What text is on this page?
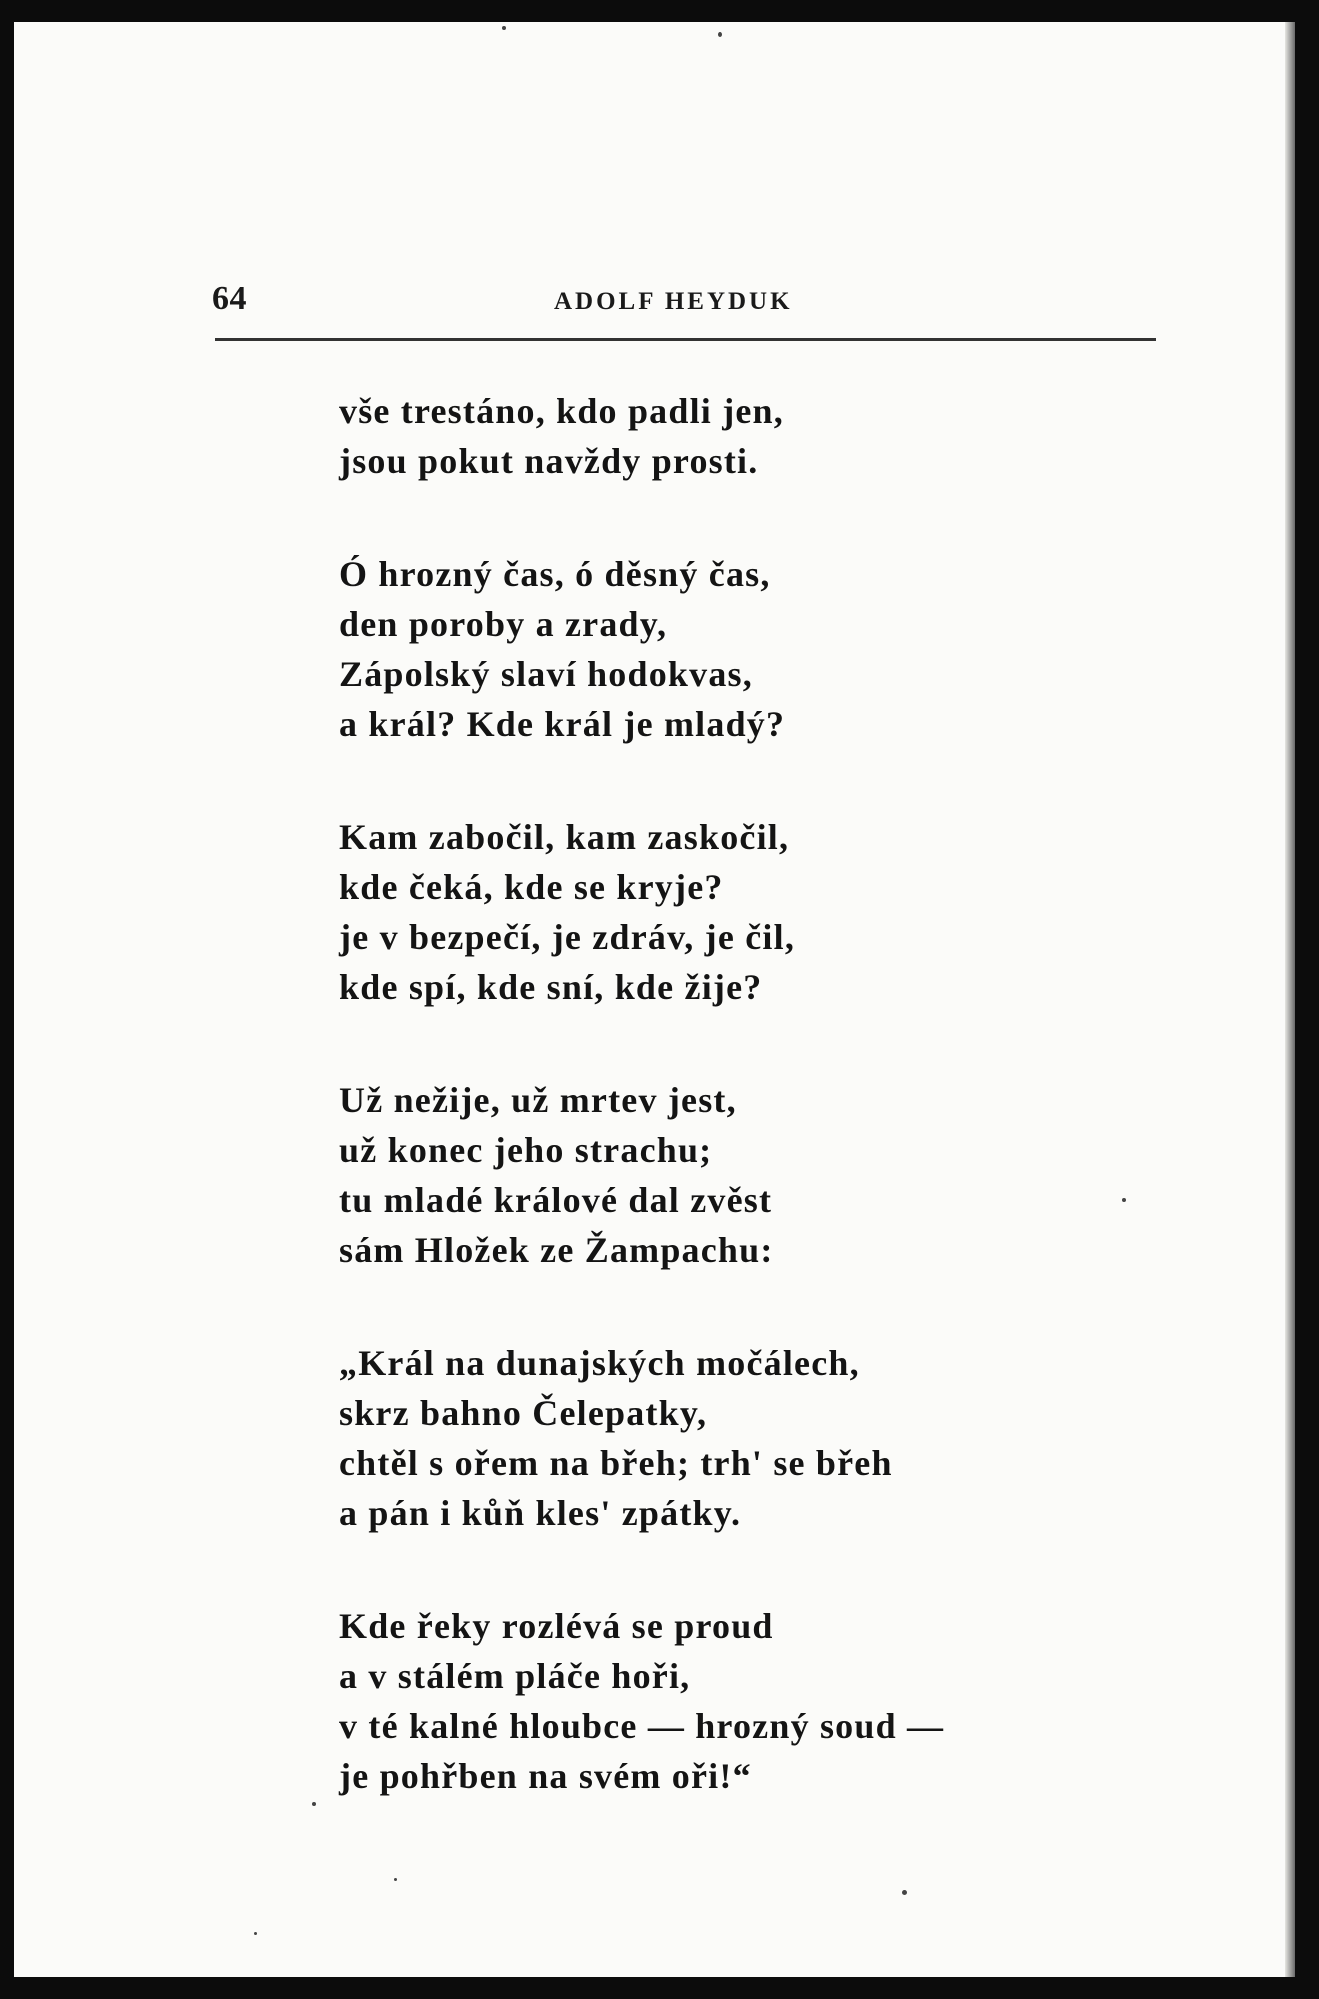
64	ADOLF HEYDUK
vše trestáno, kdo padli jen,
jsou pokut navždy prosti.
Ó hrozný čas, ó děsný čas,
den poroby a zrady,
Zápolský slaví hodokvas,
a král? Kde král je mladý?
Kam zabočil, kam zaskočil,
kde čeká, kde se kryje?
je v bezpečí, je zdráv, je čil,
kde spí, kde sní, kde žije?
Už nežije, už mrtev jest,
už konec jeho strachu;
tu mladé králové dal zvěst
sám Hložek ze Žampachu:
„Král na dunajských močálech,
skrz bahno Čelepatky,
chtěl s ořem na břeh; trh' se břeh
a pán i kůň kles' zpátky.
Kde řeky rozlévá se proud
a v stálém pláče hoři,
v té kalné hloubce — hrozný soud —
je pohřben na svém oři!“
